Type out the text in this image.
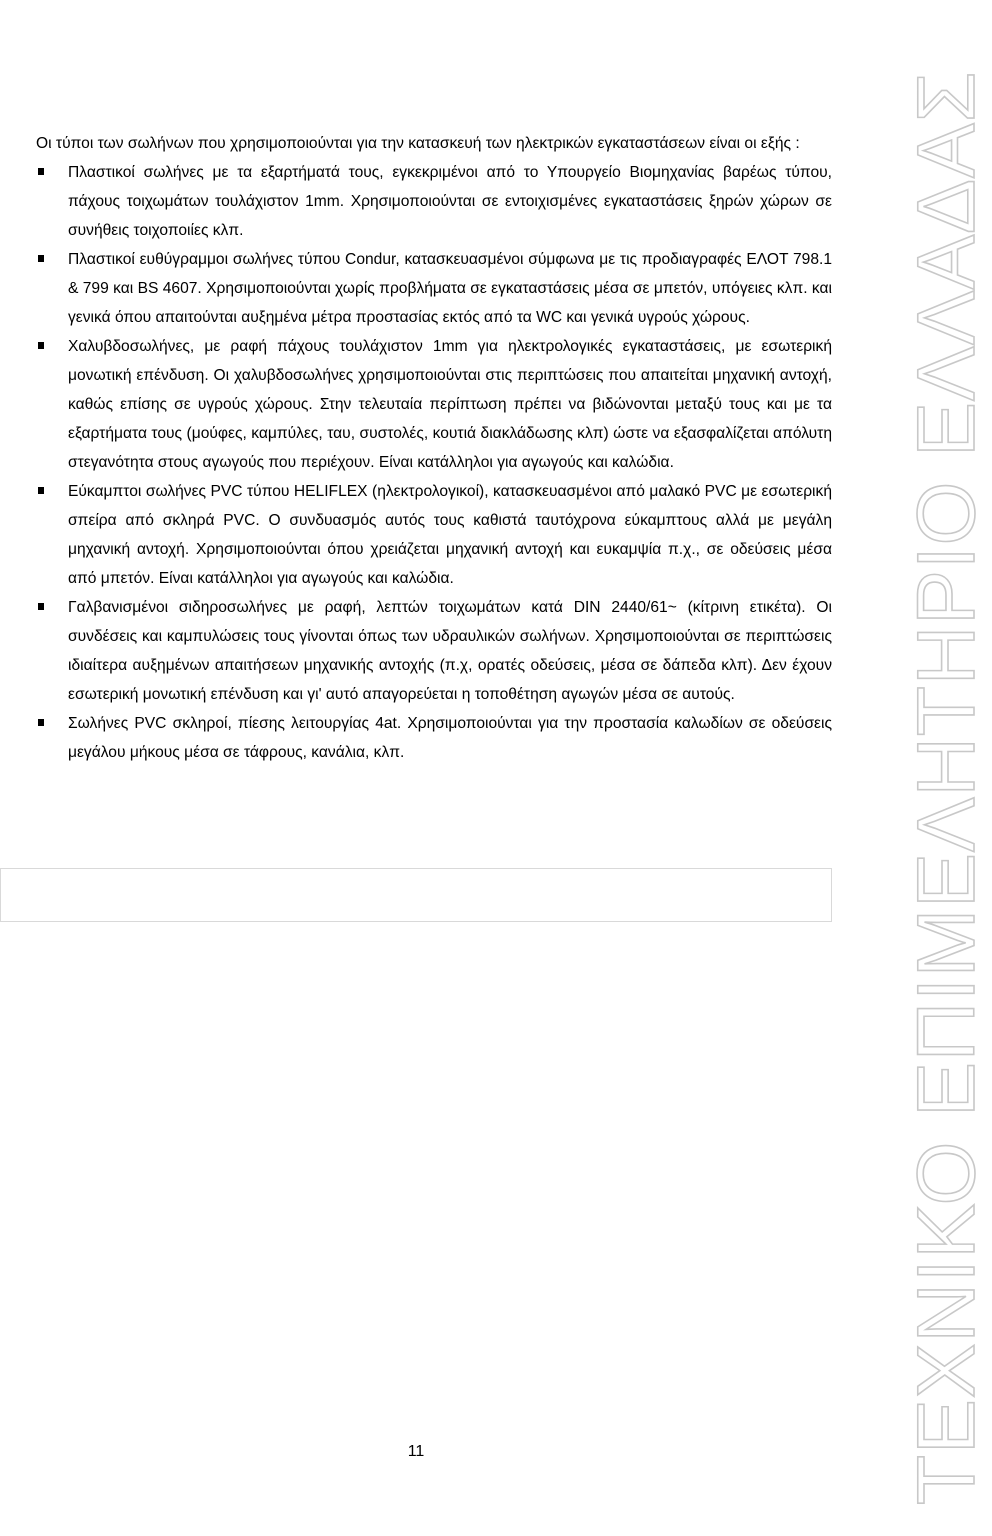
Οι τύποι των σωλήνων που χρησιμοποιούνται για την κατασκευή των ηλεκτρικών εγκαταστάσεων είναι οι εξής :

Πλαστικοί σωλήνες με τα εξαρτήματά τους, εγκεκριμένοι από το Υπουργείο Βιομηχανίας βαρέως τύπου, πάχους τοιχωμάτων τουλάχιστον 1mm. Χρησιμοποιούνται σε εντοιχισμένες εγκαταστάσεις ξηρών χώρων σε συνήθεις τοιχοποιίες κλπ.
Πλαστικοί ευθύγραμμοι σωλήνες τύπου Condur, κατασκευασμένοι σύμφωνα με τις προδιαγραφές ΕΛΟΤ 798.1 & 799 και BS 4607. Χρησιμοποιούνται χωρίς προβλήματα σε εγκαταστάσεις μέσα σε μπετόν, υπόγειες κλπ. και γενικά όπου απαιτούνται αυξημένα μέτρα προστασίας εκτός από τα WC και γενικά υγρούς χώρους.
Χαλυβδοσωλήνες, με ραφή πάχους τουλάχιστον 1mm για ηλεκτρολογικές εγκαταστάσεις, με εσωτερική μονωτική επένδυση. Οι χαλυβδοσωλήνες χρησιμοποιούνται στις περιπτώσεις που απαιτείται μηχανική αντοχή, καθώς επίσης σε υγρούς χώρους. Στην τελευταία περίπτωση πρέπει να βιδώνονται μεταξύ τους και με τα εξαρτήματα τους (μούφες, καμπύλες, ταυ, συστολές, κουτιά διακλάδωσης κλπ) ώστε να εξασφαλίζεται απόλυτη στεγανότητα στους αγωγούς που περιέχουν. Είναι κατάλληλοι για αγωγούς και καλώδια.
Εύκαμπτοι σωλήνες PVC τύπου HELIFLEX (ηλεκτρολογικοί), κατασκευασμένοι από μαλακό PVC με εσωτερική σπείρα από σκληρά PVC. Ο συνδυασμός αυτός τους καθιστά ταυτόχρονα εύκαμπτους αλλά με μεγάλη μηχανική αντοχή. Χρησιμοποιούνται όπου χρειάζεται μηχανική αντοχή και ευκαμψία π.χ., σε οδεύσεις μέσα από μπετόν. Είναι κατάλληλοι για αγωγούς και καλώδια.
Γαλβανισμένοι σιδηροσωλήνες με ραφή, λεπτών τοιχωμάτων κατά DIN 2440/61~ (κίτρινη ετικέτα). Οι συνδέσεις και καμπυλώσεις τους γίνονται όπως των υδραυλικών σωλήνων. Χρησιμοποιούνται σε περιπτώσεις ιδιαίτερα αυξημένων απαιτήσεων μηχανικής αντοχής (π.χ, ορατές οδεύσεις, μέσα σε δάπεδα κλπ). Δεν έχουν εσωτερική μονωτική επένδυση και γι' αυτό απαγορεύεται η τοποθέτηση αγωγών μέσα σε αυτούς.
Σωλήνες PVC σκληροί, πίεσης λειτουργίας 4at. Χρησιμοποιούνται για την προστασία καλωδίων σε οδεύσεις μεγάλου μήκους μέσα σε τάφρους, κανάλια, κλπ.
11	ΤΕΧΝΙΚΟ ΕΠΙΜΕΛΗΤΗΡΙΟ ΕΛΛΑΔΑΣ
